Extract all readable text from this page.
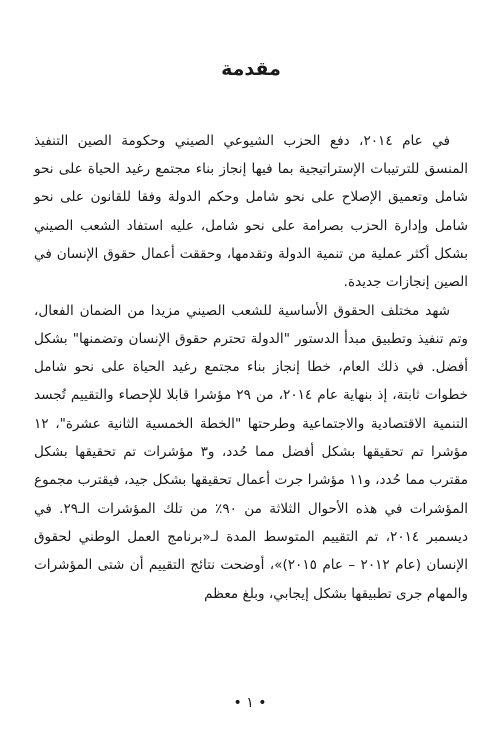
مقدمة

في عام ٢٠١٤، دفع الحزب الشيوعي الصيني وحكومة الصين التنفيذ المنسق للترتيبات الإستراتيجية بما فيها إنجاز بناء مجتمع رغيد الحياة على نحو شامل وتعميق الإصلاح على نحو شامل وحكم الدولة وفقا للقانون على نحو شامل وإدارة الحزب بصرامة على نحو شامل، عليه استفاد الشعب الصيني بشكل أكثر عملية من تنمية الدولة وتقدمها، وحققت أعمال حقوق الإنسان في الصين إنجازات جديدة.

شهد مختلف الحقوق الأساسية للشعب الصيني مزيدا من الضمان الفعال، وتم تنفيذ وتطبيق مبدأ الدستور "الدولة تحترم حقوق الإنسان وتضمنها" بشكل أفضل. في ذلك العام، خطا إنجاز بناء مجتمع رغيد الحياة على نحو شامل خطوات ثابتة، إذ بنهاية عام ٢٠١٤، من ٢٩ مؤشرا قابلا للإحصاء والتقييم تُجسد التنمية الاقتصادية والاجتماعية وطرحتها "الخطة الخمسية الثانية عشرة"، ١٢ مؤشرا تم تحقيقها بشكل أفضل مما حُدد، و٣ مؤشرات تم تحقيقها بشكل مقترب مما حُدد، و١١ مؤشرا جرت أعمال تحقيقها بشكل جيد، فيقترب مجموع المؤشرات في هذه الأحوال الثلاثة من ٩٠٪ من تلك المؤشرات الـ٢٩. في ديسمبر ٢٠١٤، تم التقييم المتوسط المدة لـ«برنامج العمل الوطني لحقوق الإنسان (عام ٢٠١٢ – عام ٢٠١٥)»، أوضحت نتائج التقييم أن شتى المؤشرات والمهام جرى تطبيقها بشكل إيجابي، وبلغ معظم

• ١ •
